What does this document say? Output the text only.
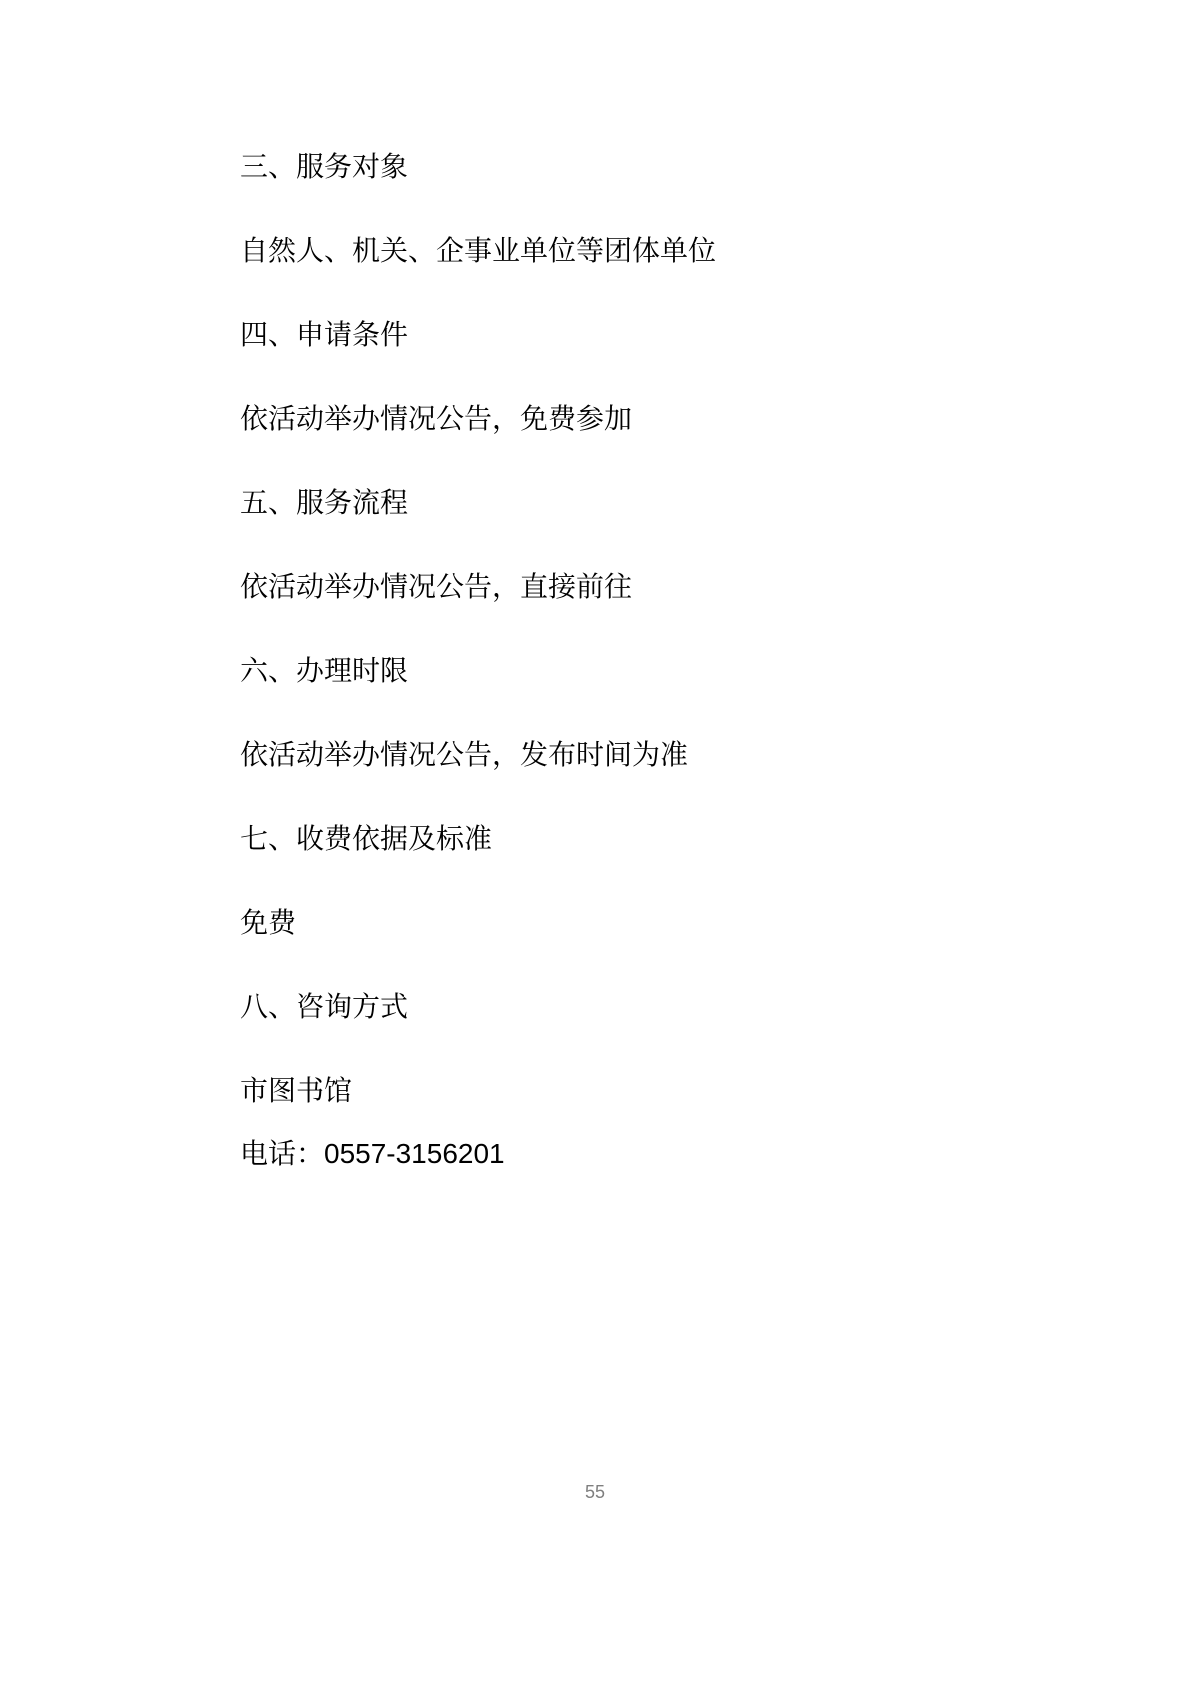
三、服务对象

自然人、机关、企事业单位等团体单位

四、申请条件

依活动举办情况公告，免费参加

五、服务流程

依活动举办情况公告，直接前往

六、办理时限

依活动举办情况公告，发布时间为准

七、收费依据及标准

免费

八、咨询方式

市图书馆

电话：0557-3156201

55
